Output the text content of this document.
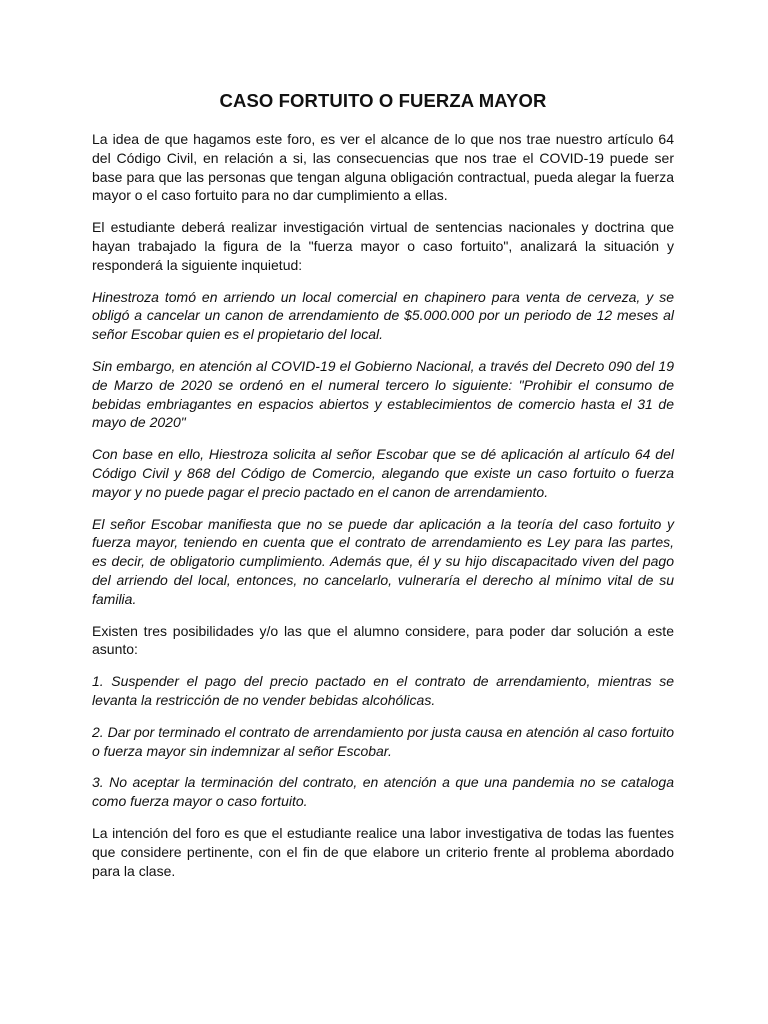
CASO FORTUITO O FUERZA MAYOR

La idea de que hagamos este foro, es ver el alcance de lo que nos trae nuestro artículo 64 del Código Civil, en relación a si, las consecuencias que nos trae el COVID-19 puede ser base para que las personas que tengan alguna obligación contractual, pueda alegar la fuerza mayor o el caso fortuito para no dar cumplimiento a ellas.

El estudiante deberá realizar investigación virtual de sentencias nacionales y doctrina que hayan trabajado la figura de la "fuerza mayor o caso fortuito", analizará la situación y responderá la siguiente inquietud:

Hinestroza tomó en arriendo un local comercial en chapinero para venta de cerveza, y se obligó a cancelar un canon de arrendamiento de $5.000.000 por un periodo de 12 meses al señor Escobar quien es el propietario del local.

Sin embargo, en atención al COVID-19 el Gobierno Nacional, a través del Decreto 090 del 19 de Marzo de 2020 se ordenó en el numeral tercero lo siguiente: "Prohibir el consumo de bebidas embriagantes en espacios abiertos y establecimientos de comercio hasta el 31 de mayo de 2020"

Con base en ello, Hiestroza solicita al señor Escobar que se dé aplicación al artículo 64 del Código Civil y 868 del Código de Comercio, alegando que existe un caso fortuito o fuerza mayor y no puede pagar el precio pactado en el canon de arrendamiento.

El señor Escobar manifiesta que no se puede dar aplicación a la teoría del caso fortuito y fuerza mayor, teniendo en cuenta que el contrato de arrendamiento es Ley para las partes, es decir, de obligatorio cumplimiento. Además que, él y su hijo discapacitado viven del pago del arriendo del local, entonces, no cancelarlo, vulneraría el derecho al mínimo vital de su familia.

Existen tres posibilidades y/o las que el alumno considere, para poder dar solución a este asunto:

1. Suspender el pago del precio pactado en el contrato de arrendamiento, mientras se levanta la restricción de no vender bebidas alcohólicas.

2. Dar por terminado el contrato de arrendamiento por justa causa en atención al caso fortuito o fuerza mayor sin indemnizar al señor Escobar.

3. No aceptar la terminación del contrato, en atención a que una pandemia no se cataloga como fuerza mayor o caso fortuito.

La intención del foro es que el estudiante realice una labor investigativa de todas las fuentes que considere pertinente, con el fin de que elabore un criterio frente al problema abordado para la clase.
